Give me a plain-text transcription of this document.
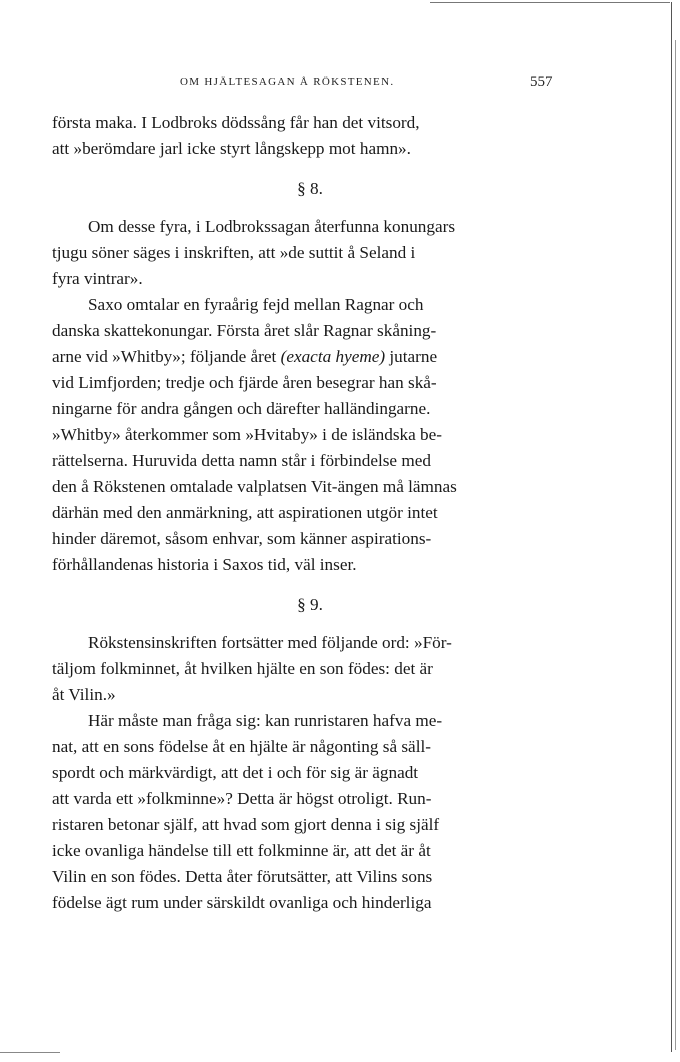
OM HJÄLTESAGAN Å RÖKSTENEN.	557
första maka. I Lodbroks dödssång får han det vitsord,
att »berömdare jarl icke styrt långskepp mot hamn».
§ 8.
Om desse fyra, i Lodbrokssagan återfunna konungars
tjugu söner säges i inskriften, att »de suttit å Seland i
fyra vintrar».
Saxo omtalar en fyraårig fejd mellan Ragnar och
danska skattekonungar. Första året slår Ragnar skåning-
arne vid »Whitby»; följande året (exacta hyeme) jutarne
vid Limfjorden; tredje och fjärde åren besegrar han skå-
ningarne för andra gången och därefter halländingarne.
»Whitby» återkommer som »Hvitaby» i de isländska be-
rättelserna. Huruvida detta namn står i förbindelse med
den å Rökstenen omtalade valplatsen Vit-ängen må lämnas
därhän med den anmärkning, att aspirationen utgör intet
hinder däremot, såsom enhvar, som känner aspirations-
förhållandenas historia i Saxos tid, väl inser.
§ 9.
Rökstensinskriften fortsätter med följande ord: »För-
täljom folkminnet, åt hvilken hjälte en son födes: det är
åt Vilin.»
Här måste man fråga sig: kan runristaren hafva me-
nat, att en sons födelse åt en hjälte är någonting så säll-
spordt och märkvärdigt, att det i och för sig är ägnadt
att varda ett »folkminne»? Detta är högst otroligt. Run-
ristaren betonar själf, att hvad som gjort denna i sig själf
icke ovanliga händelse till ett folkminne är, att det är åt
Vilin en son födes. Detta åter förutsätter, att Vilins sons
födelse ägt rum under särskildt ovanliga och hinderliga
